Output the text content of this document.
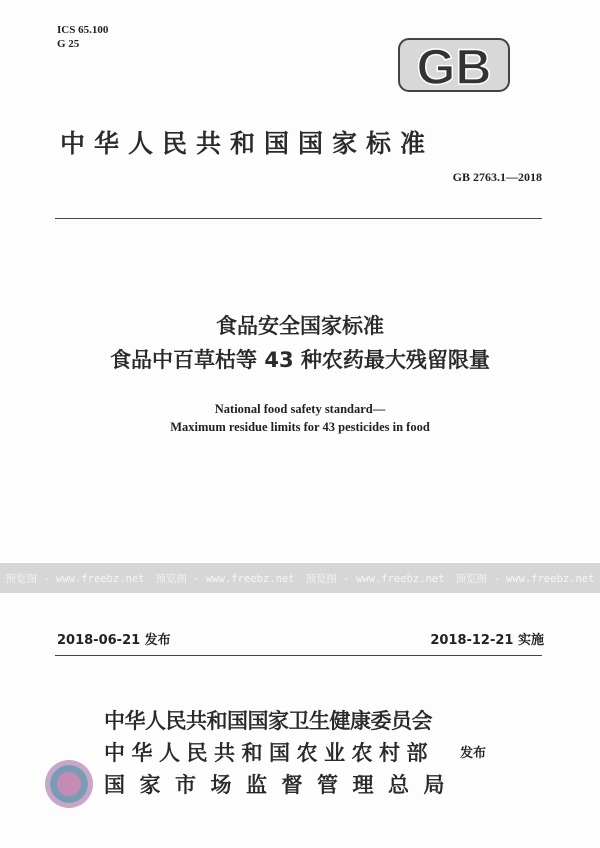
ICS 65.100
G 25	GB
中华人民共和国国家标准
GB 2763.1—2018
食品安全国家标准
食品中百草枯等 43 种农药最大残留限量
National food safety standard—
Maximum residue limits for 43 pesticides in food
预览图 - www.freebz.net 预览图 - www.freebz.net 预览图 - www.freebz.net 预览图 - www.freebz.net
2018-06-21 发布	2018-12-21 实施
中华人民共和国国家卫生健康委员会
中华人民共和国农业农村部
国家市场监督管理总局
发布
